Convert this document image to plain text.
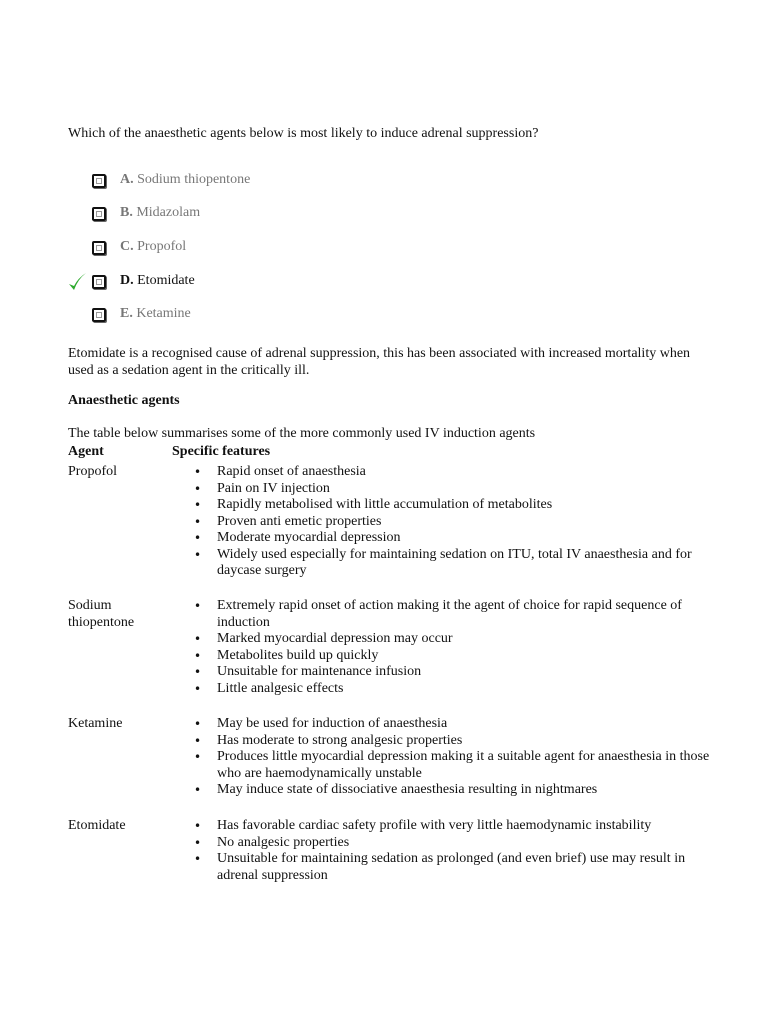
Which of the anaesthetic agents below is most likely to induce adrenal suppression?
A. Sodium thiopentone
B. Midazolam
C. Propofol
D. Etomidate
E. Ketamine
Etomidate is a recognised cause of adrenal suppression, this has been associated with increased mortality when used as a sedation agent in the critically ill.
Anaesthetic agents
The table below summarises some of the more commonly used IV induction agents
Agent	Specific features
Propofol	• Rapid onset of anaesthesia
• Pain on IV injection
• Rapidly metabolised with little accumulation of metabolites
• Proven anti emetic properties
• Moderate myocardial depression
• Widely used especially for maintaining sedation on ITU, total IV anaesthesia and for daycase surgery
Sodium thiopentone
• Extremely rapid onset of action making it the agent of choice for rapid sequence of induction
• Marked myocardial depression may occur
• Metabolites build up quickly
• Unsuitable for maintenance infusion
• Little analgesic effects
Ketamine	• May be used for induction of anaesthesia
• Has moderate to strong analgesic properties
• Produces little myocardial depression making it a suitable agent for anaesthesia in those who are haemodynamically unstable
• May induce state of dissociative anaesthesia resulting in nightmares
Etomidate	• Has favorable cardiac safety profile with very little haemodynamic instability
• No analgesic properties
• Unsuitable for maintaining sedation as prolonged (and even brief) use may result in adrenal suppression
